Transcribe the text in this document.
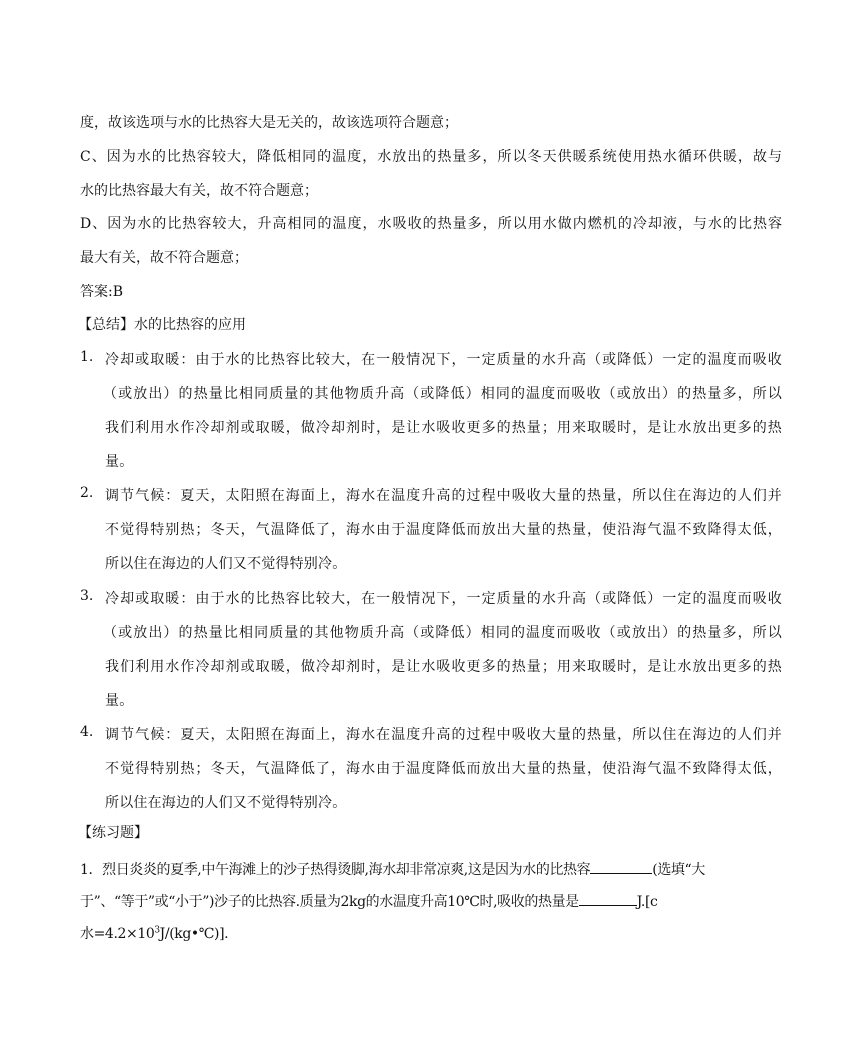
度，故该选项与水的比热容大是无关的，故该选项符合题意；
C、因为水的比热容较大，降低相同的温度，水放出的热量多，所以冬天供暖系统使用热水循环供暖，故与
水的比热容最大有关，故不符合题意；
D、因为水的比热容较大，升高相同的温度，水吸收的热量多，所以用水做内燃机的冷却液，与水的比热容
最大有关，故不符合题意；
答案:B
【总结】水的比热容的应用
1. 冷却或取暖：由于水的比热容比较大，在一般情况下，一定质量的水升高（或降低）一定的温度而吸收
（或放出）的热量比相同质量的其他物质升高（或降低）相同的温度而吸收（或放出）的热量多，所以
我们利用水作冷却剂或取暖，做冷却剂时，是让水吸收更多的热量；用来取暖时，是让水放出更多的热
量。
2. 调节气候：夏天，太阳照在海面上，海水在温度升高的过程中吸收大量的热量，所以住在海边的人们并
不觉得特别热；冬天，气温降低了，海水由于温度降低而放出大量的热量，使沿海气温不致降得太低，
所以住在海边的人们又不觉得特别冷。
3. 冷却或取暖：由于水的比热容比较大，在一般情况下，一定质量的水升高（或降低）一定的温度而吸收
（或放出）的热量比相同质量的其他物质升高（或降低）相同的温度而吸收（或放出）的热量多，所以
我们利用水作冷却剂或取暖，做冷却剂时，是让水吸收更多的热量；用来取暖时，是让水放出更多的热
量。
4. 调节气候：夏天，太阳照在海面上，海水在温度升高的过程中吸收大量的热量，所以住在海边的人们并
不觉得特别热；冬天，气温降低了，海水由于温度降低而放出大量的热量，使沿海气温不致降得太低，
所以住在海边的人们又不觉得特别冷。
【练习题】
1．烈日炎炎的夏季,中午海滩上的沙子热得烫脚,海水却非常凉爽,这是因为水的比热容	(选填“大
于”、“等于”或“小于”)沙子的比热容.质量为2kg的水温度升高10℃时,吸收的热量是	J.[c
水$=4.2\times 10^3J/(kg•℃)$].
